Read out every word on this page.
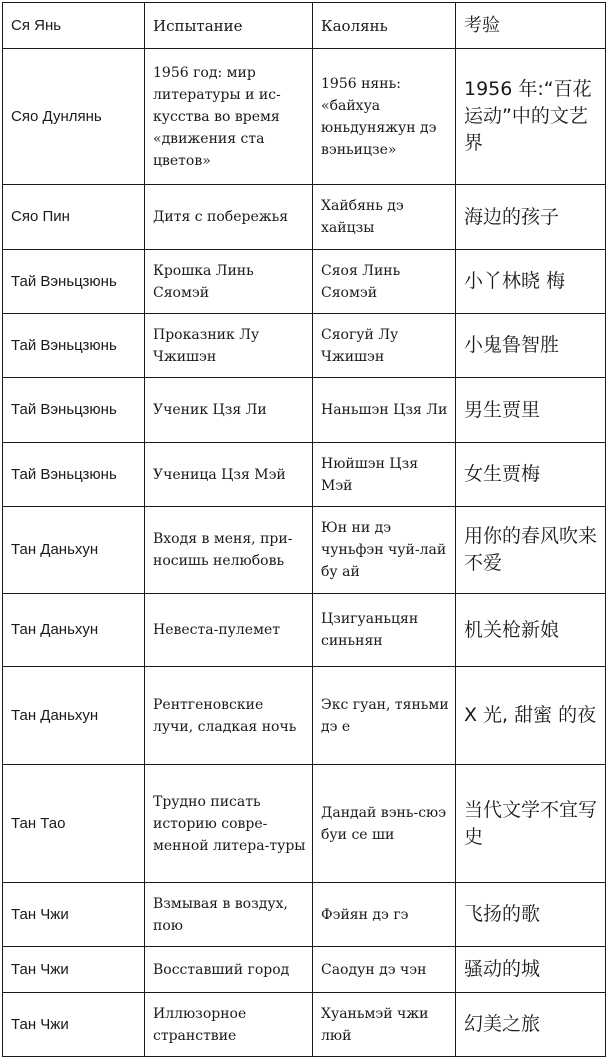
Ся Янь	Испытание	Каолянь	考验

Сяо Дунлянь	1956 год: мир литературы и ис-кусства во время «движения ста цветов»	1956 нянь: «байхуа юньдуняжун дэ вэньицзе»	1956 年:“百花运动”中的文艺界

Сяо Пин	Дитя с побережья	Хайбянь дэ хайцзы	海边的孩子

Тай Вэньцзюнь	Крошка Линь Сяомэй	Сяоя Линь Сяомэй	小丫林晓 梅

Тай Вэньцзюнь	Проказник Лу Чжишэн	Сяогуй Лу Чжишэн	小鬼鲁智胜

Тай Вэньцзюнь	Ученик Цзя Ли	Наньшэн Цзя Ли	男生贾里

Тай Вэньцзюнь	Ученица Цзя Мэй	Нюйшэн Цзя Мэй	女生贾梅

Тан Даньхун	Входя в меня, при-носишь нелюбовь	Юн ни дэ чуньфэн чуй-лай бу ай	用你的春风吹来不爱

Тан Даньхун	Невеста-пулемет	Цзигуаньцян синьнян	机关枪新娘

Тан Даньхун	Рентгеновские лучи, сладкая ночь	Экс гуан, тяньми дэ е	X 光, 甜蜜 的夜

Тан Тао	Трудно писать историю совре-менной литера-туры	Дандай вэнь-сюэ буи се ши	当代文学不宜写史

Тан Чжи	Взмывая в воздух, пою	Фэйян дэ гэ	飞扬的歌

Тан Чжи	Восставший город	Саодун дэ чэн	骚动的城

Тан Чжи	Иллюзорное странствие	Хуаньмэй чжи люй	幻美之旅
